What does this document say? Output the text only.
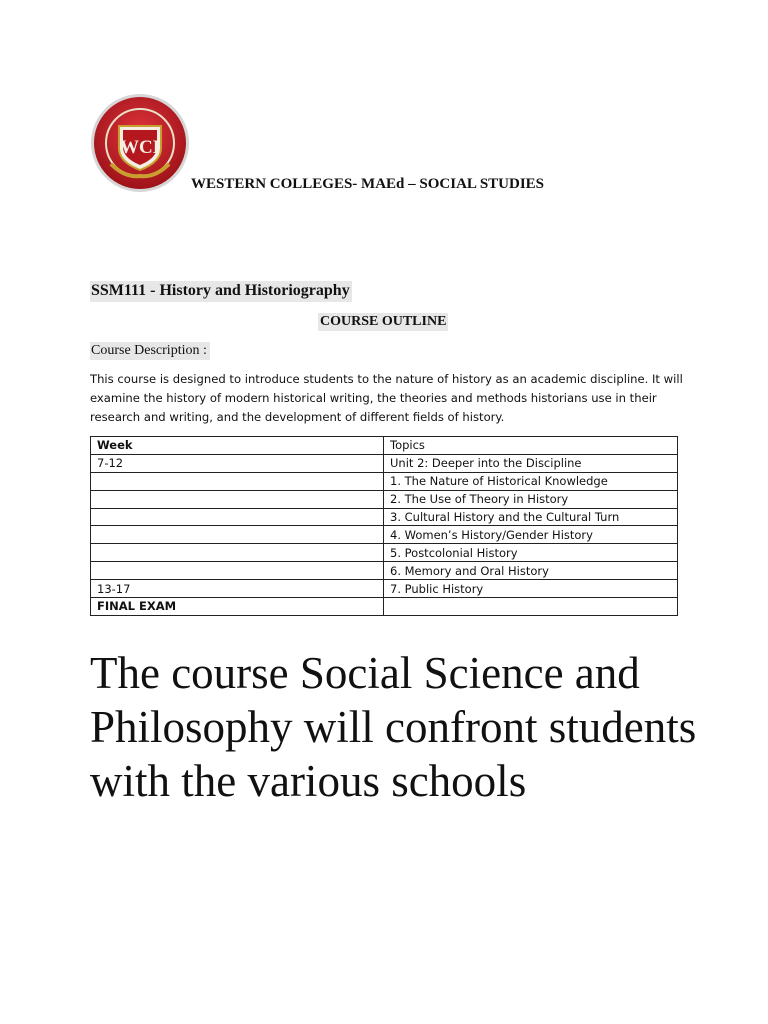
WCI
WESTERN COLLEGES- MAEd – SOCIAL STUDIES
SSM111 - History and Historiography
COURSE OUTLINE
Course Description :
This course is designed to introduce students to the nature of history as an academic discipline. It will examine the history of modern historical writing, the theories and methods historians use in their research and writing, and the development of different fields of history.
Week	Topics
7-12	Unit 2: Deeper into the Discipline
	1. The Nature of Historical Knowledge
	2. The Use of Theory in History
	3. Cultural History and the Cultural Turn
	4. Women’s History/Gender History
	5. Postcolonial History
	6. Memory and Oral History
13-17	7. Public History
FINAL EXAM	
The course Social Science and Philosophy will confront students with the various schools
